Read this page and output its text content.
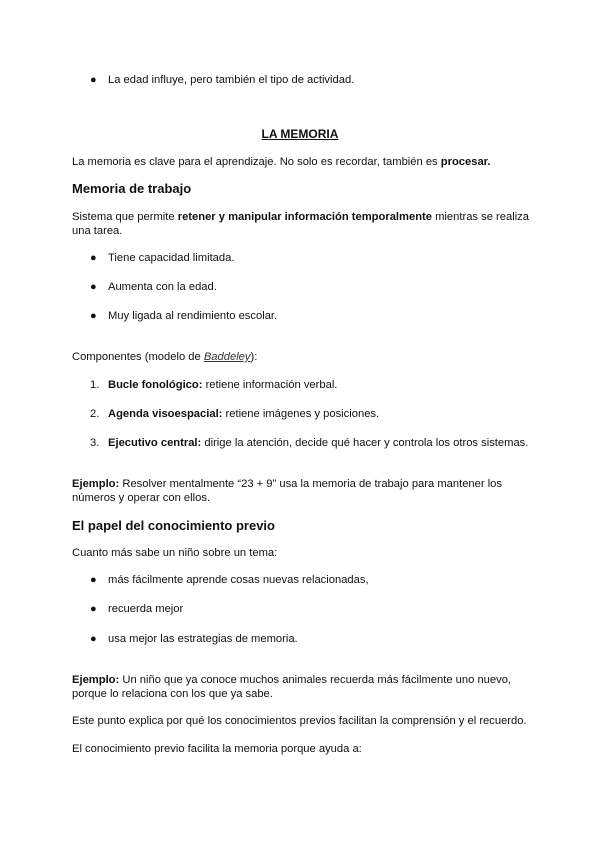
● La edad influye, pero también el tipo de actividad.
LA MEMORIA
La memoria es clave para el aprendizaje. No solo es recordar, también es procesar.
Memoria de trabajo
Sistema que permite retener y manipular información temporalmente mientras se realiza una tarea.
● Tiene capacidad limitada.
● Aumenta con la edad.
● Muy ligada al rendimiento escolar.
Componentes (modelo de Baddeley):
1. Bucle fonológico: retiene información verbal.
2. Agenda visoespacial: retiene imágenes y posiciones.
3. Ejecutivo central: dirige la atención, decide qué hacer y controla los otros sistemas.
Ejemplo: Resolver mentalmente “23 + 9” usa la memoria de trabajo para mantener los números y operar con ellos.
El papel del conocimiento previo
Cuanto más sabe un niño sobre un tema:
● más fácilmente aprende cosas nuevas relacionadas,
● recuerda mejor
● usa mejor las estrategias de memoria.
Ejemplo: Un niño que ya conoce muchos animales recuerda más fácilmente uno nuevo, porque lo relaciona con los que ya sabe.
Este punto explica por qué los conocimientos previos facilitan la comprensión y el recuerdo.
El conocimiento previo facilita la memoria porque ayuda a:
